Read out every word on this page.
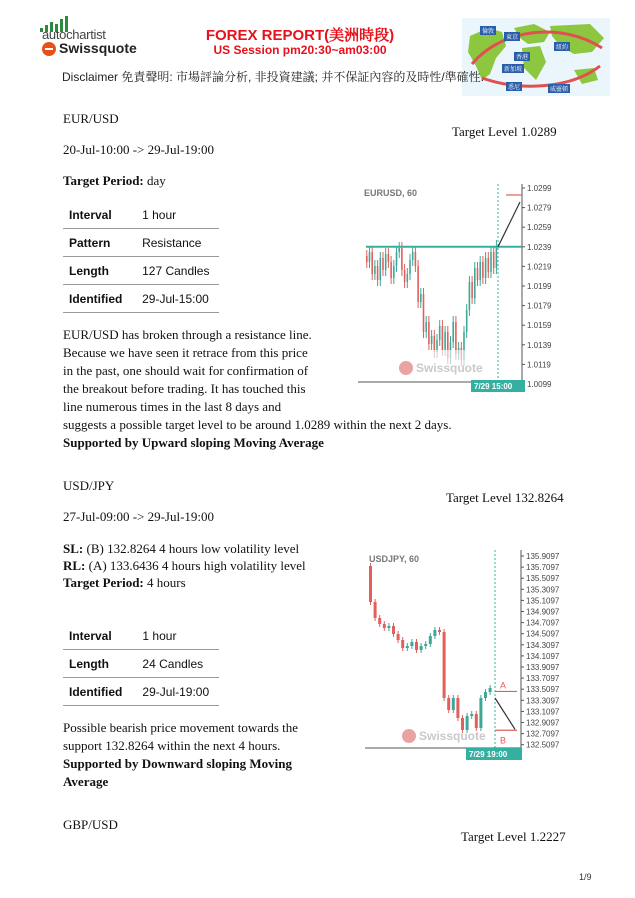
autochartist
Swissquote
FOREX REPORT(美洲時段)
US Session pm20:30~am03:00
倫敦
東京
紐約
香港
新加坡
悉尼	威靈頓
Disclaimer 免責聲明: 市場評論分析, 非投資建議; 并不保証內容的及時性/準確性.
EUR/USD
Target Level 1.0289
20-Jul-10:00 -> 29-Jul-19:00
Target Period: day
Interval	1 hour
Pattern	Resistance
Length	127 Candles
Identified	29-Jul-15:00
EUR/USD has broken through a resistance line.
Because we have seen it retrace from this price
in the past, one should wait for confirmation of
the breakout before trading. It has touched this
line numerous times in the last 8 days and
suggests a possible target level to be around 1.0289 within the next 2 days.
Supported by Upward sloping Moving Average
EURUSD, 60	1.0299
1.0279
1.0259
1.0239
1.0219
1.0199
1.0179
1.0159
1.0139
1.0119
1.0099
Swissquote
7/29 15:00
USD/JPY
Target Level 132.8264
27-Jul-09:00 -> 29-Jul-19:00
SL: (B) 132.8264 4 hours low volatility level
RL: (A) 133.6436 4 hours high volatility level
Target Period: 4 hours
Interval	1 hour
Length	24 Candles
Identified	29-Jul-19:00
Possible bearish price movement towards the
support 132.8264 within the next 4 hours.
Supported by Downward sloping Moving
Average
USDJPY, 60	135.9097
135.7097
135.5097
135.3097
135.1097
134.9097
134.7097
134.5097
134.3097
134.1097
133.9097
133.7097
133.5097
133.3097
133.1097
132.9097
132.7097
132.5097
A
B
Swissquote
7/29 19:00
GBP/USD
Target Level 1.2227
1/9
